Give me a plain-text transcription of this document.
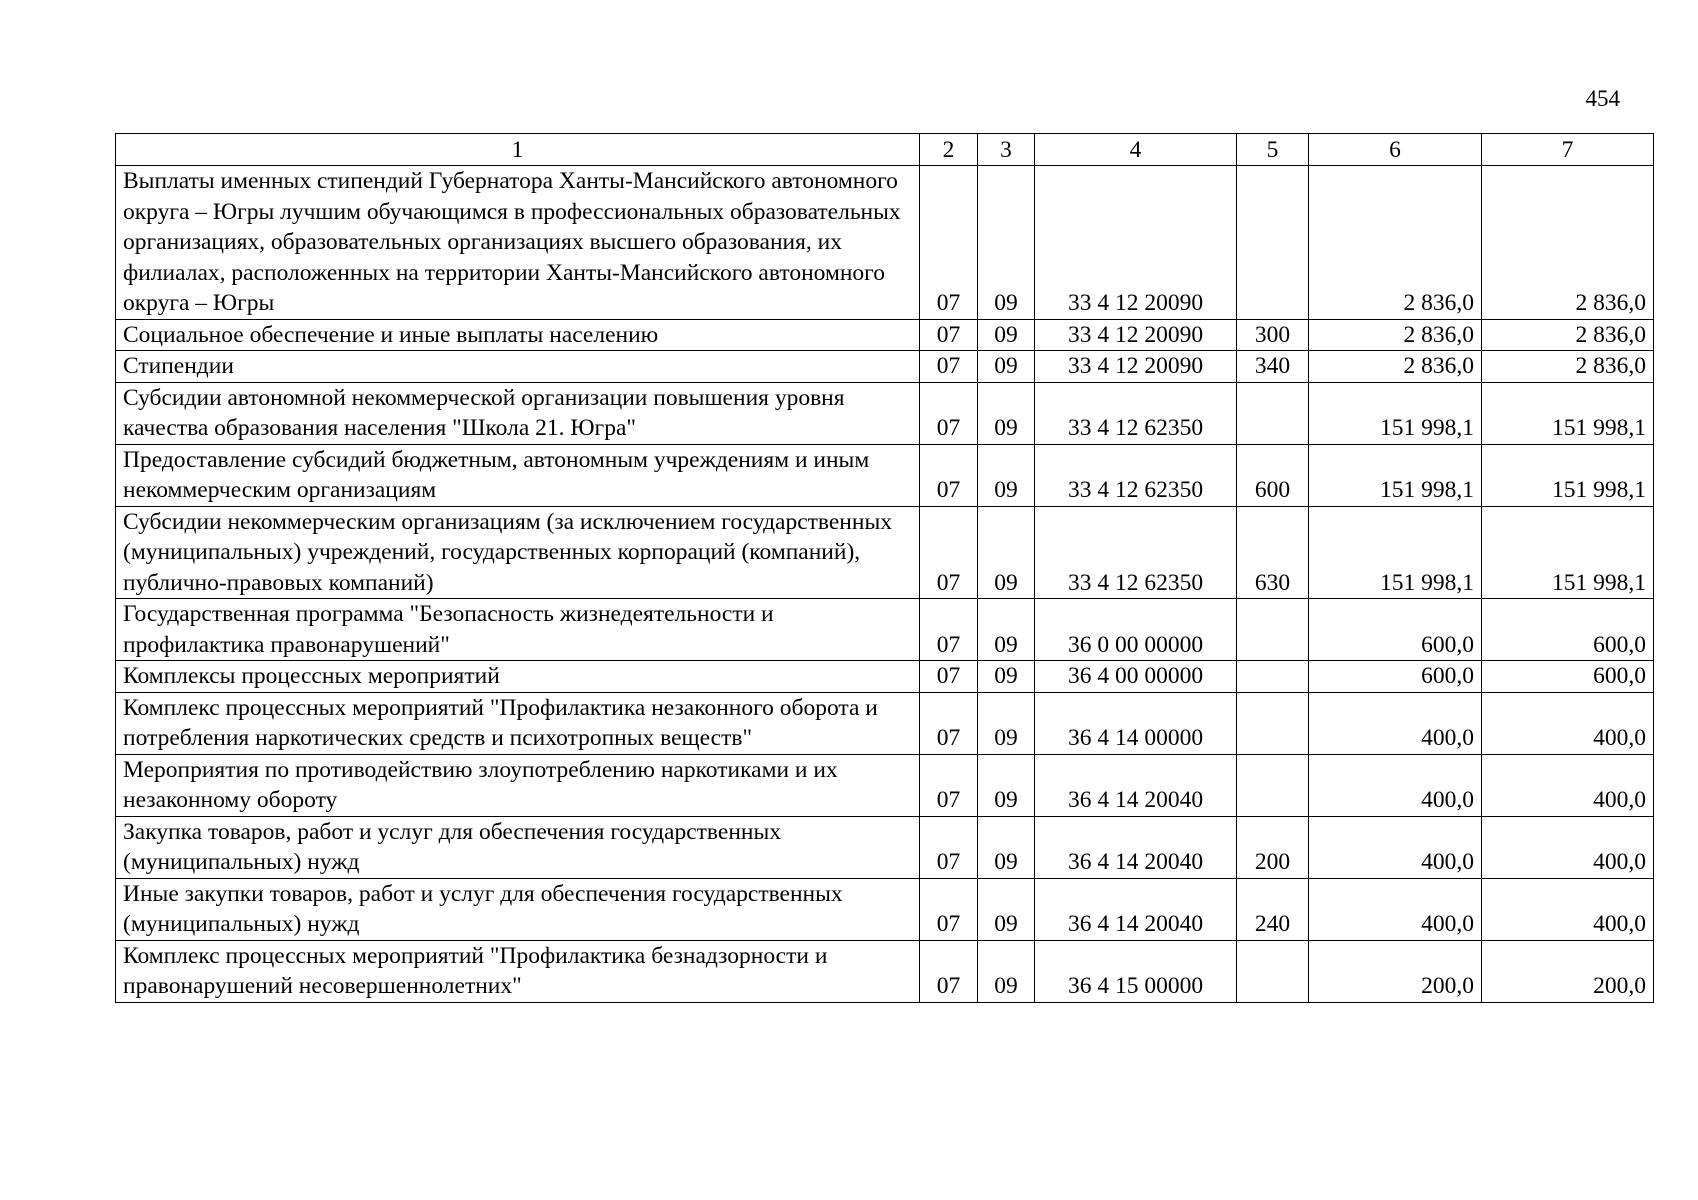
454
1	2	3	4	5	6	7
Выплаты именных стипендий Губернатора Ханты-Мансийского автономного округа – Югры лучшим обучающимся в профессиональных образовательных организациях, образовательных организациях высшего образования, их филиалах, расположенных на территории Ханты-Мансийского автономного округа – Югры	07	09	33 4 12 20090		2 836,0	2 836,0
Социальное обеспечение и иные выплаты населению	07	09	33 4 12 20090	300	2 836,0	2 836,0
Стипендии	07	09	33 4 12 20090	340	2 836,0	2 836,0
Субсидии автономной некоммерческой организации повышения уровня качества образования населения "Школа 21. Югра"	07	09	33 4 12 62350		151 998,1	151 998,1
Предоставление субсидий бюджетным, автономным учреждениям и иным некоммерческим организациям	07	09	33 4 12 62350	600	151 998,1	151 998,1
Субсидии некоммерческим организациям (за исключением государственных (муниципальных) учреждений, государственных корпораций (компаний), публично-правовых компаний)	07	09	33 4 12 62350	630	151 998,1	151 998,1
Государственная программа "Безопасность жизнедеятельности и профилактика правонарушений"	07	09	36 0 00 00000		600,0	600,0
Комплексы процессных мероприятий	07	09	36 4 00 00000		600,0	600,0
Комплекс процессных мероприятий "Профилактика незаконного оборота и потребления наркотических средств и психотропных веществ"	07	09	36 4 14 00000		400,0	400,0
Мероприятия по противодействию злоупотреблению наркотиками и их незаконному обороту	07	09	36 4 14 20040		400,0	400,0
Закупка товаров, работ и услуг для обеспечения государственных (муниципальных) нужд	07	09	36 4 14 20040	200	400,0	400,0
Иные закупки товаров, работ и услуг для обеспечения государственных (муниципальных) нужд	07	09	36 4 14 20040	240	400,0	400,0
Комплекс процессных мероприятий "Профилактика безнадзорности и правонарушений несовершеннолетних"	07	09	36 4 15 00000		200,0	200,0
